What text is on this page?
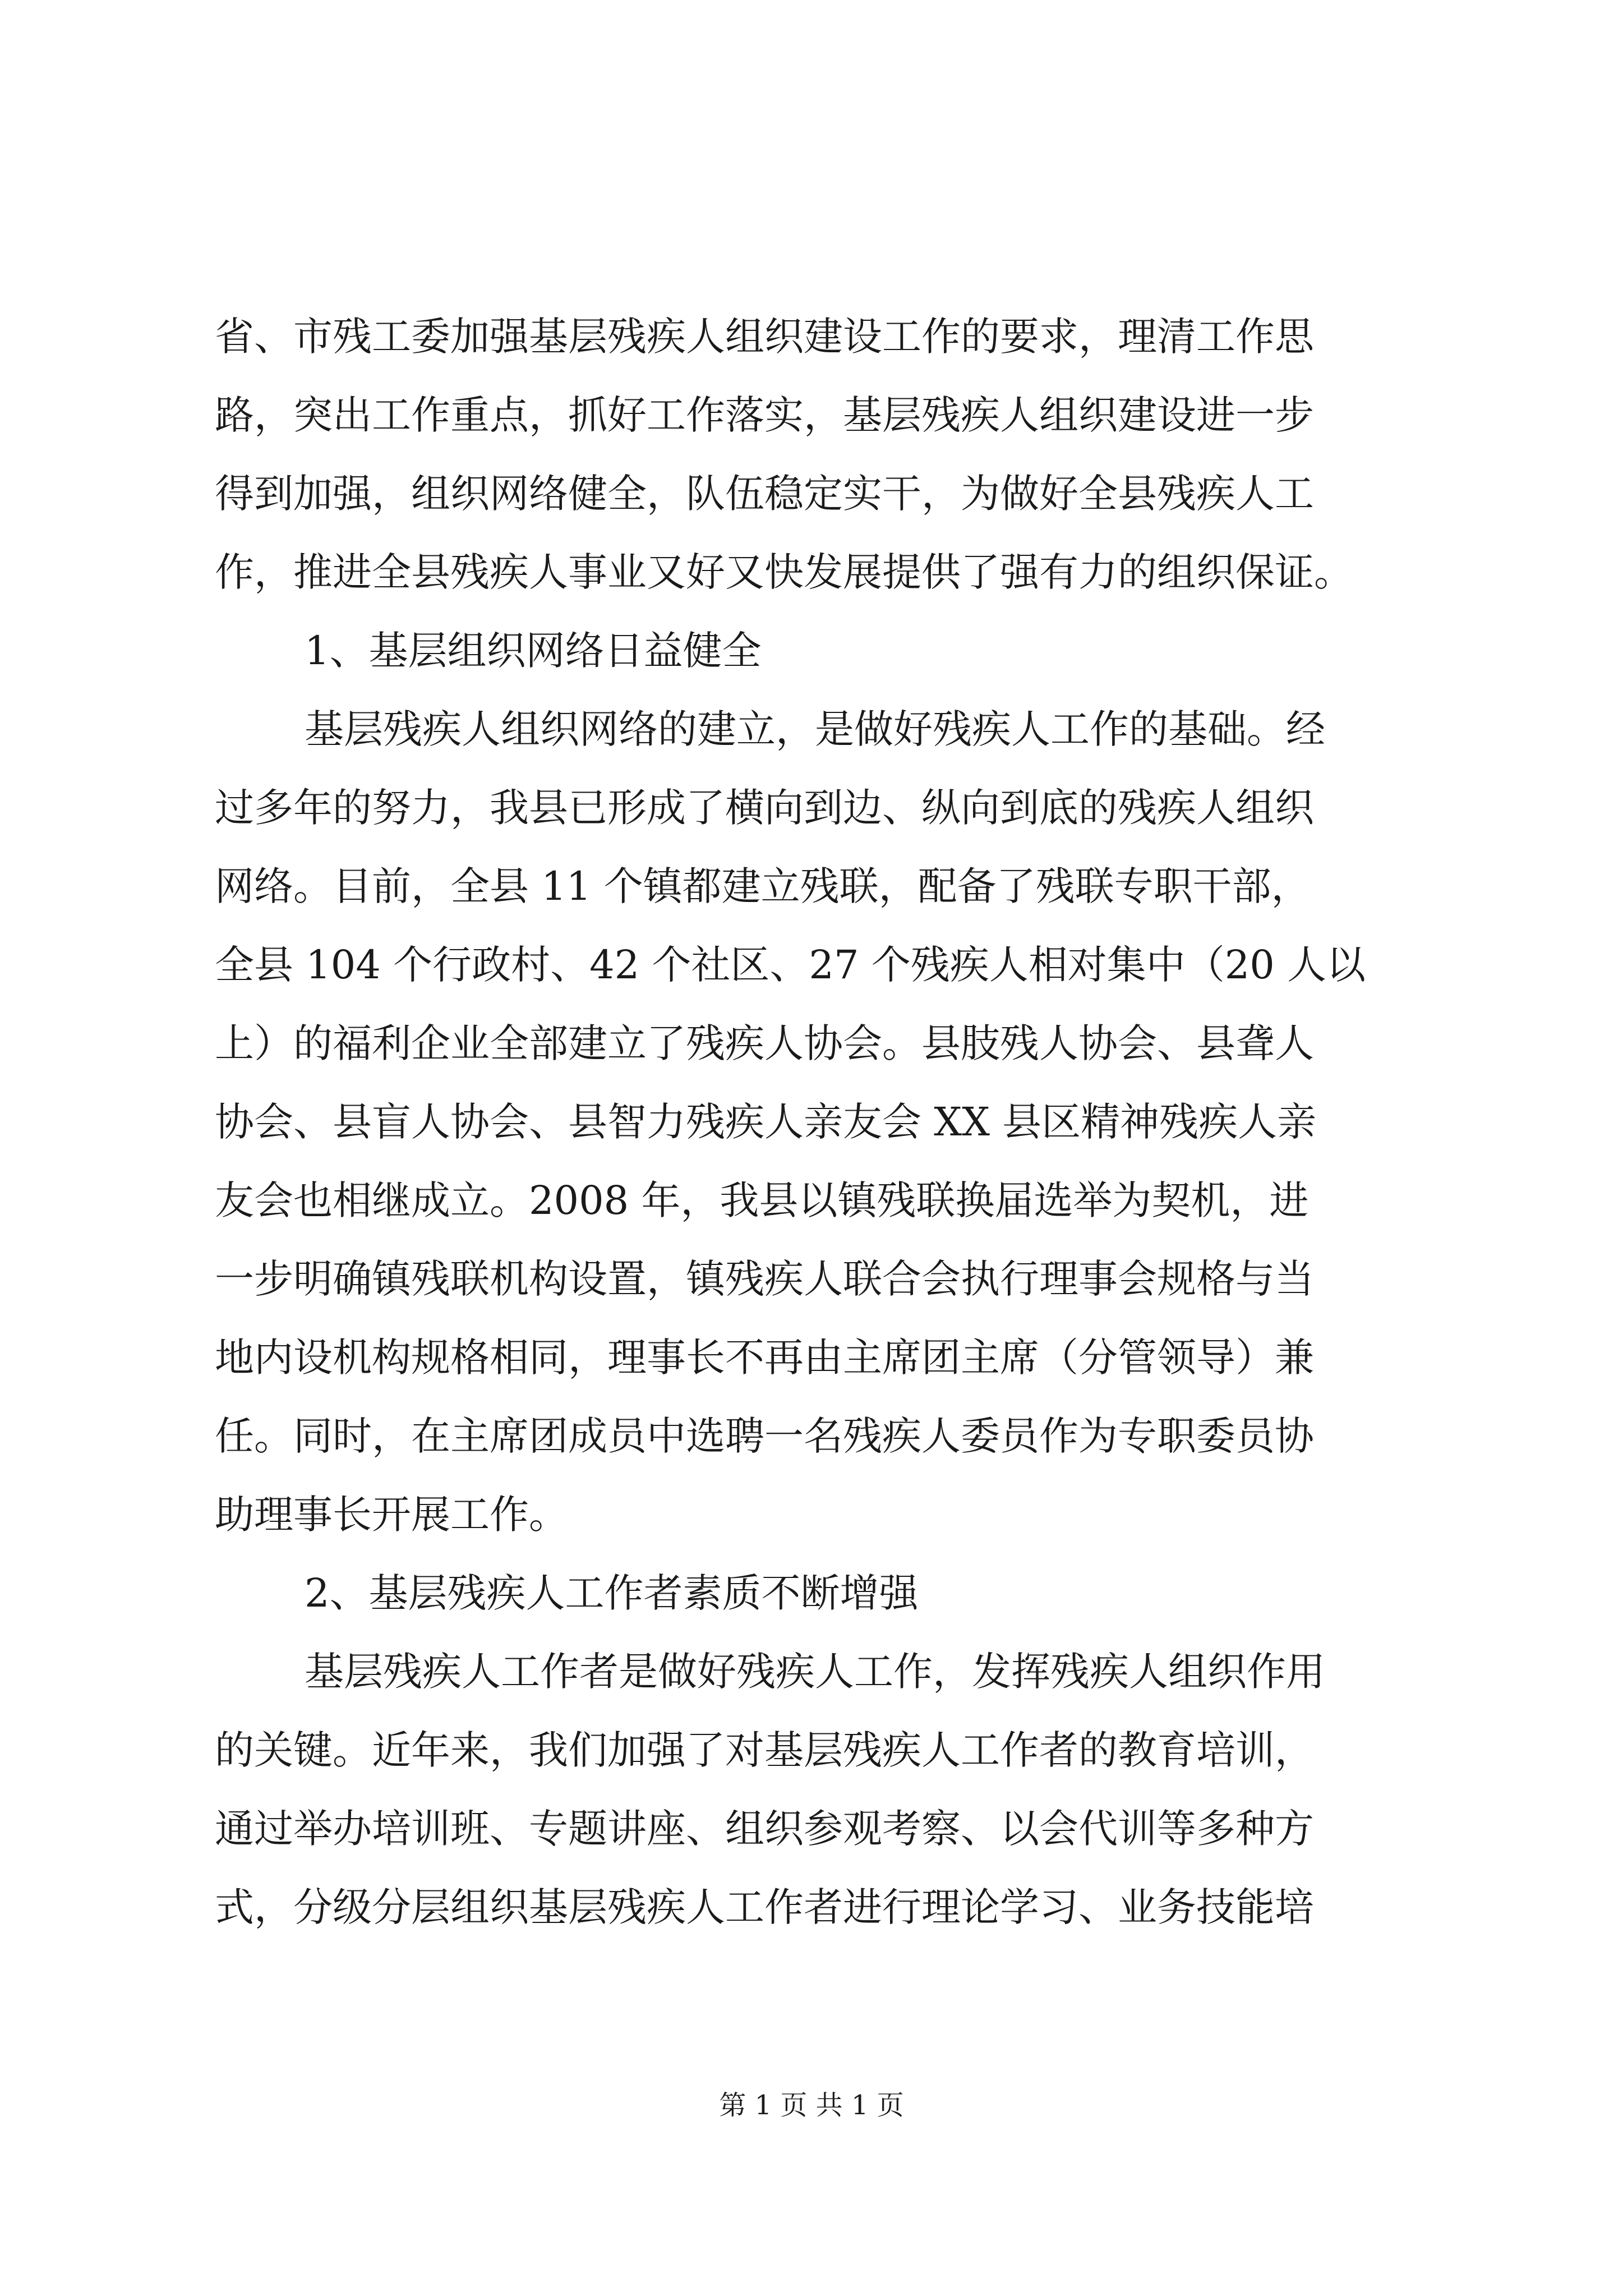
省、市残工委加强基层残疾人组织建设工作的要求，理清工作思
路，突出工作重点，抓好工作落实，基层残疾人组织建设进一步
得到加强，组织网络健全，队伍稳定实干，为做好全县残疾人工
作，推进全县残疾人事业又好又快发展提供了强有力的组织保证。
1、基层组织网络日益健全
基层残疾人组织网络的建立，是做好残疾人工作的基础。经
过多年的努力，我县已形成了横向到边、纵向到底的残疾人组织
网络。目前，全县 11 个镇都建立残联，配备了残联专职干部，
全县 104 个行政村、42 个社区、27 个残疾人相对集中（20 人以
上）的福利企业全部建立了残疾人协会。县肢残人协会、县聋人
协会、县盲人协会、县智力残疾人亲友会 XX 县区精神残疾人亲
友会也相继成立。2008 年，我县以镇残联换届选举为契机，进
一步明确镇残联机构设置，镇残疾人联合会执行理事会规格与当
地内设机构规格相同，理事长不再由主席团主席（分管领导）兼
任。同时，在主席团成员中选聘一名残疾人委员作为专职委员协
助理事长开展工作。
2、基层残疾人工作者素质不断增强
基层残疾人工作者是做好残疾人工作，发挥残疾人组织作用
的关键。近年来，我们加强了对基层残疾人工作者的教育培训，
通过举办培训班、专题讲座、组织参观考察、以会代训等多种方
式，分级分层组织基层残疾人工作者进行理论学习、业务技能培
第 1 页 共 1 页
